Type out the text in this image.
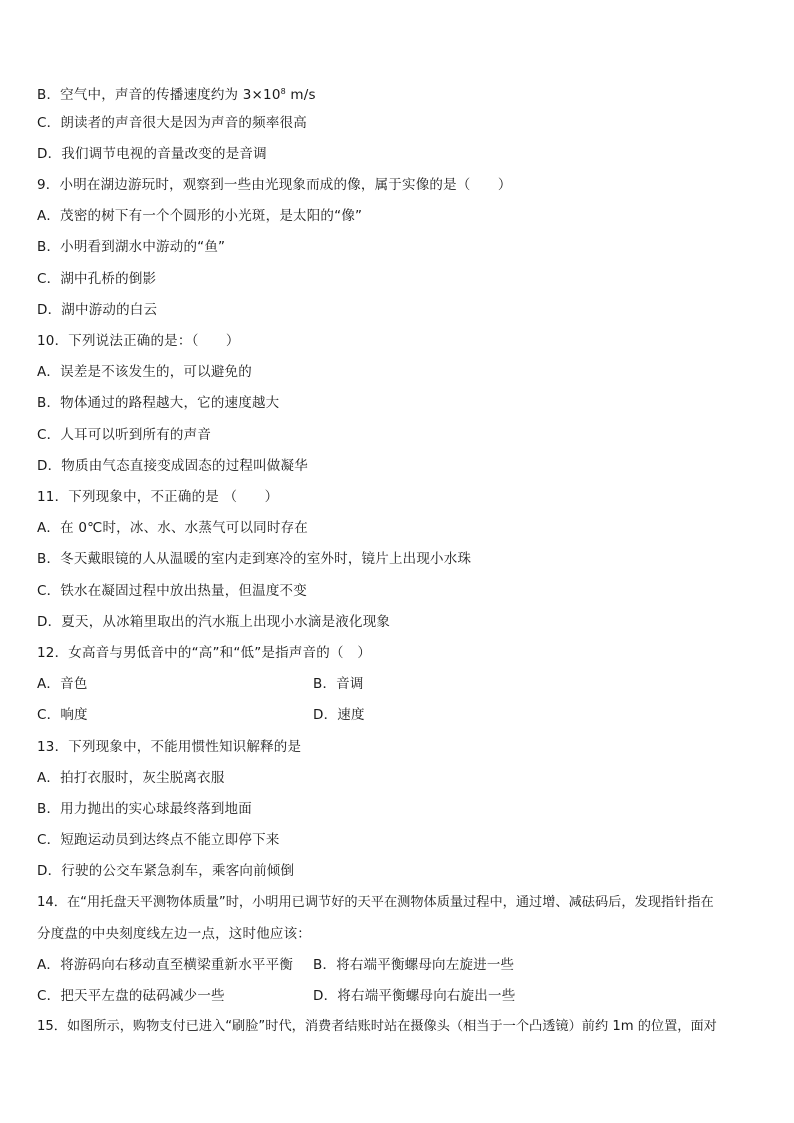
B．空气中，声音的传播速度约为 $3\times 10^8$ m/s
C．朗读者的声音很大是因为声音的频率很高
D．我们调节电视的音量改变的是音调
9．小明在湖边游玩时，观察到一些由光现象而成的像，属于实像的是（　　）
A．茂密的树下有一个个圆形的小光斑，是太阳的“像”
B．小明看到湖水中游动的“鱼”
C．湖中孔桥的倒影
D．湖中游动的白云
10．下列说法正确的是：（　　）
A．误差是不该发生的，可以避免的
B．物体通过的路程越大，它的速度越大
C．人耳可以听到所有的声音
D．物质由气态直接变成固态的过程叫做凝华
11．下列现象中，不正确的是 （　　）
A．在 0℃时，冰、水、水蒸气可以同时存在
B．冬天戴眼镜的人从温暖的室内走到寒冷的室外时，镜片上出现小水珠
C．铁水在凝固过程中放出热量，但温度不变
D．夏天，从冰箱里取出的汽水瓶上出现小水滴是液化现象
12．女高音与男低音中的“高”和“低”是指声音的（　）
A．音色	B．音调
C．响度	D．速度
13．下列现象中，不能用惯性知识解释的是
A．拍打衣服时，灰尘脱离衣服
B．用力抛出的实心球最终落到地面
C．短跑运动员到达终点不能立即停下来
D．行驶的公交车紧急刹车，乘客向前倾倒
14．在“用托盘天平测物体质量”时，小明用已调节好的天平在测物体质量过程中，通过增、减砝码后，发现指针指在
分度盘的中央刻度线左边一点，这时他应该：
A．将游码向右移动直至横梁重新水平平衡 B．将右端平衡螺母向左旋进一些
C．把天平左盘的砝码减少一些	D．将右端平衡螺母向右旋出一些
15．如图所示，购物支付已进入“刷脸”时代，消费者结账时站在摄像头（相当于一个凸透镜）前约 1m 的位置，面对
